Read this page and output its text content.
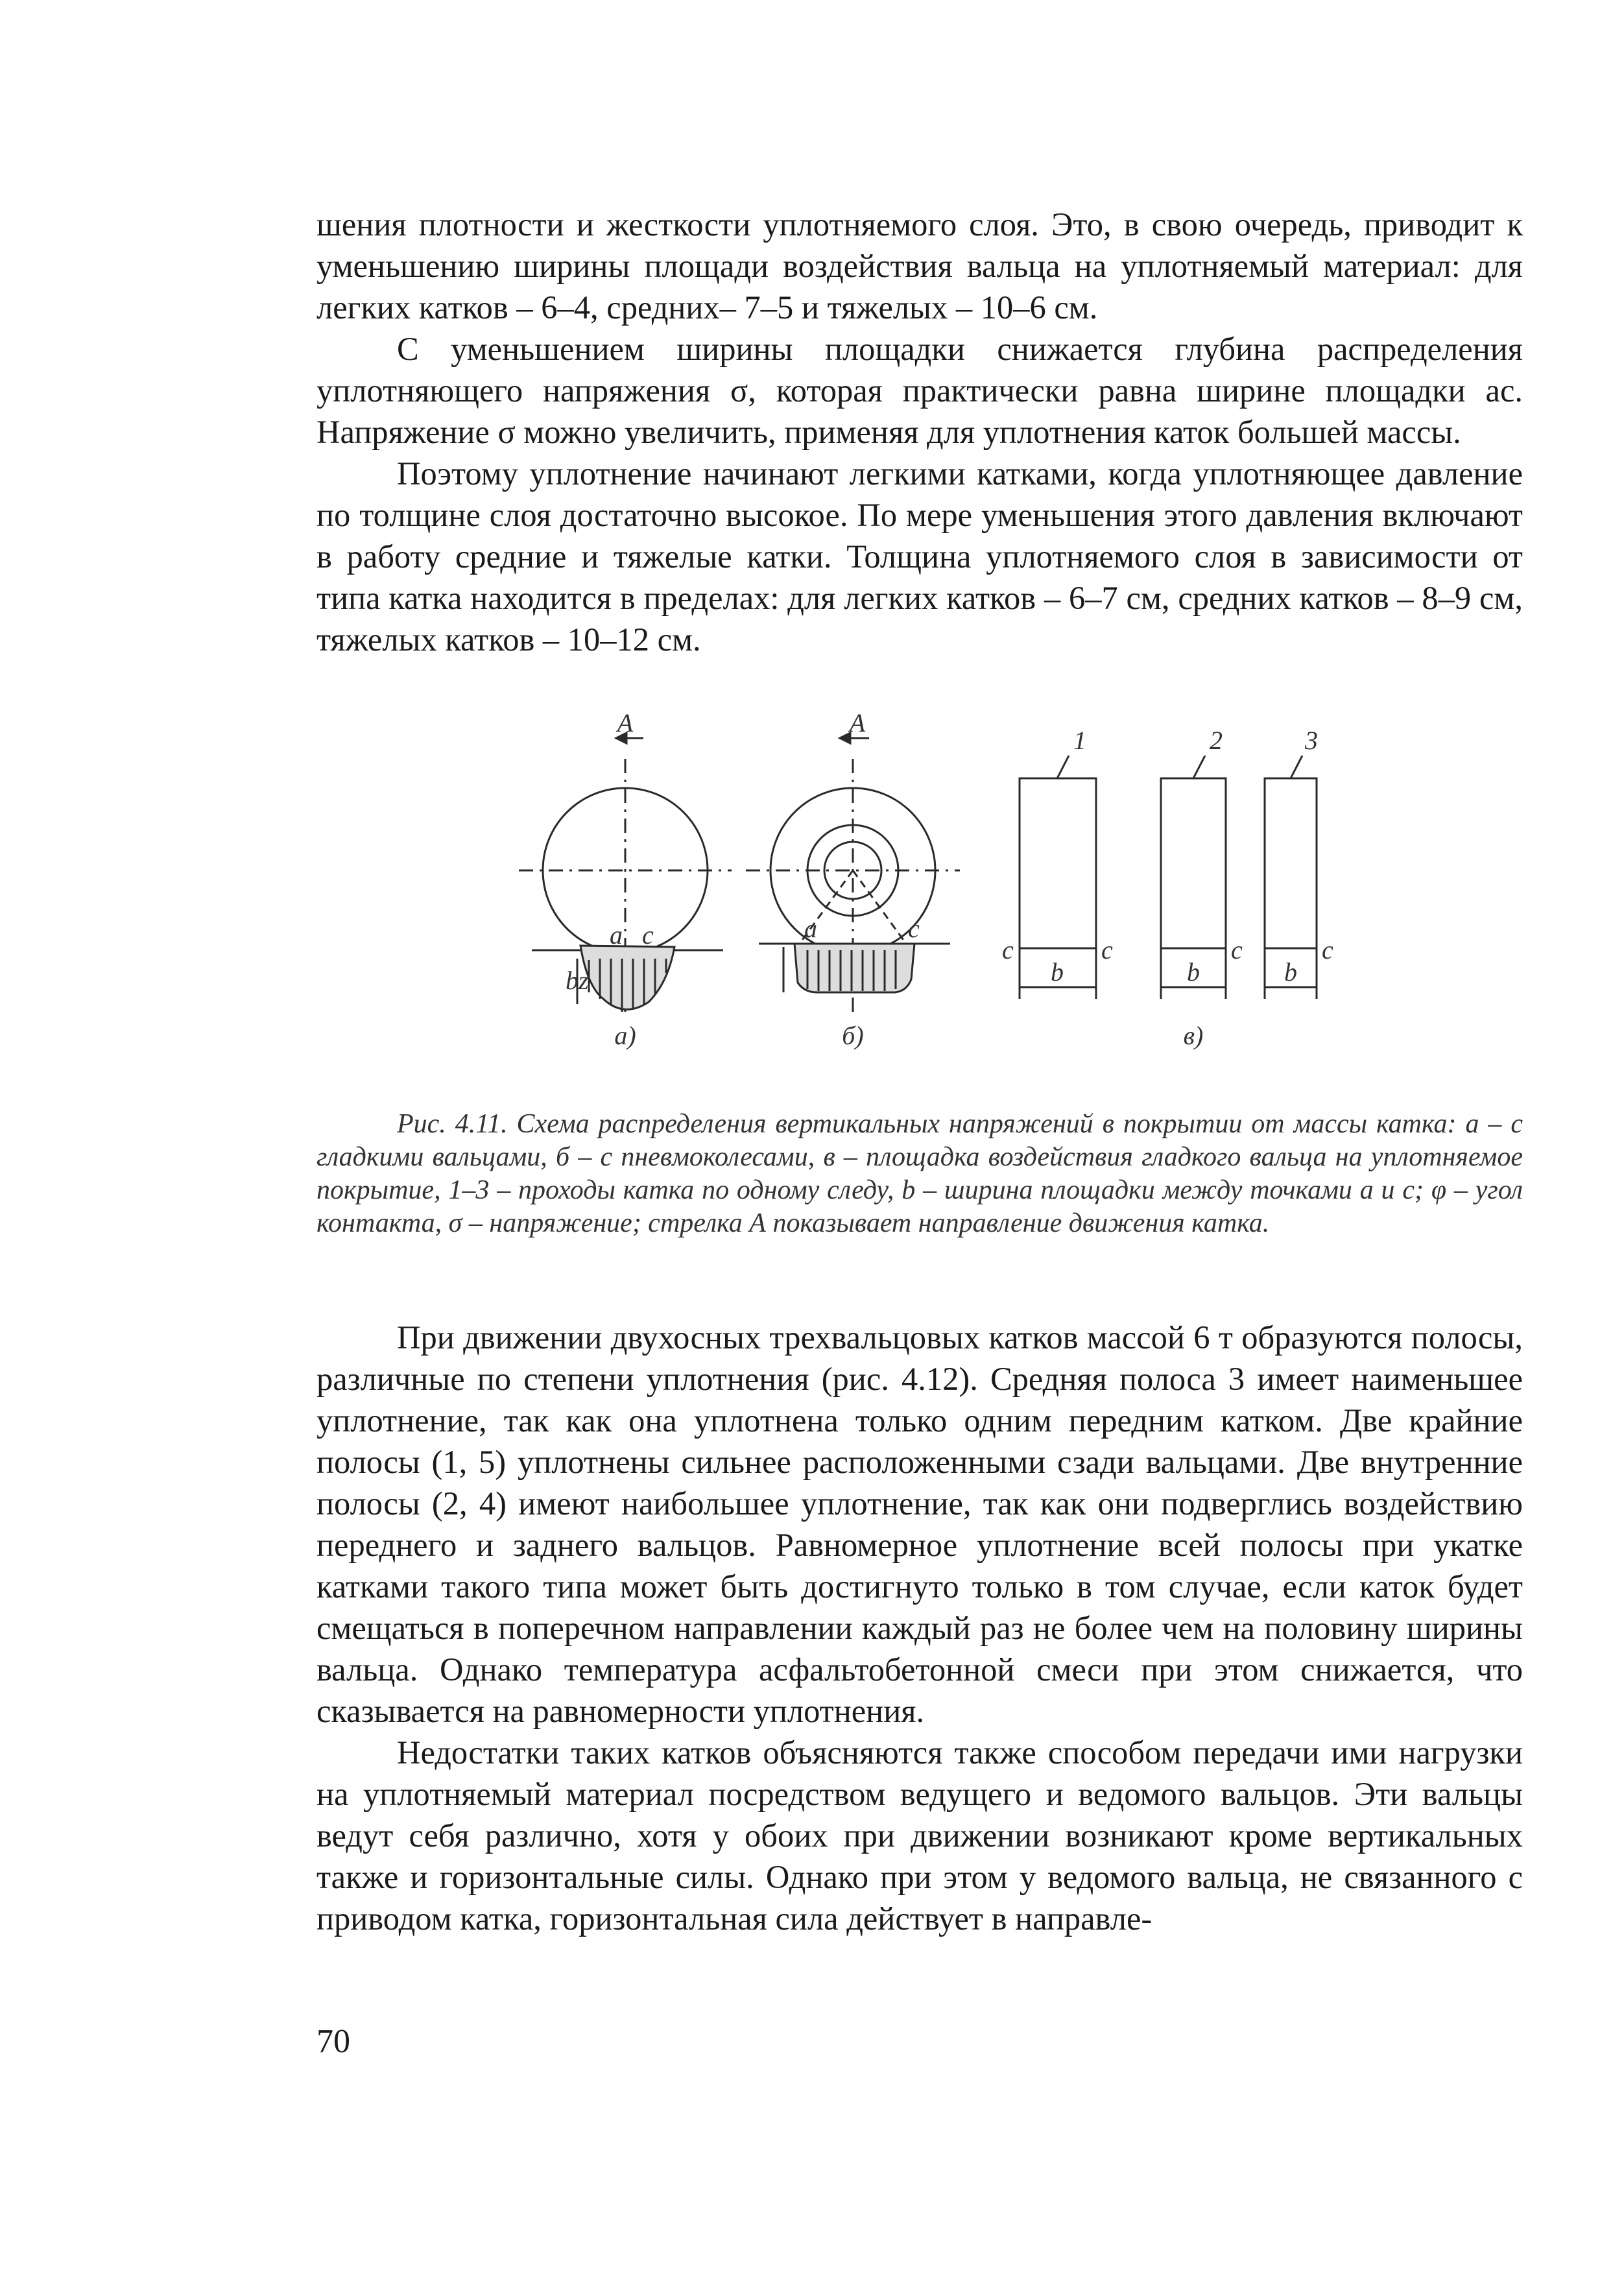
шения плотности и жесткости уплотняемого слоя. Это, в свою очередь, приводит к уменьшению ширины площади воздействия вальца на уплотняемый материал: для легких катков – 6–4, средних– 7–5 и тяжелых – 10–6 см.

С уменьшением ширины площадки снижается глубина распределения уплотняющего напряжения σ, которая практически равна ширине площадки ac. Напряжение σ можно увеличить, применяя для уплотнения каток большей массы.

Поэтому уплотнение начинают легкими катками, когда уплотняющее давление по толщине слоя достаточно высокое. По мере уменьшения этого давления включают в работу средние и тяжелые катки. Толщина уплотняемого слоя в зависимости от типа катка находится в пределах: для легких катков – 6–7 см, средних катков – 8–9 см, тяжелых катков – 10–12 см.

A	A
a c	a	c
c	c	c
c
bz	b	b	b
1	2	3
а)	б)	в)

Рис. 4.11. Схема распределения вертикальных напряжений в покрытии от массы катка: а – с гладкими вальцами, б – с пневмоколесами, в – площадка воздействия гладкого вальца на уплотняемое покрытие, 1–3 – проходы катка по одному следу, b – ширина площадки между точками a и c; φ – угол контакта, σ – напряжение; стрелка А показывает направление движения катка.

При движении двухосных трехвальцовых катков массой 6 т образуются полосы, различные по степени уплотнения (рис. 4.12). Средняя полоса 3 имеет наименьшее уплотнение, так как она уплотнена только одним передним катком. Две крайние полосы (1, 5) уплотнены сильнее расположенными сзади вальцами. Две внутренние полосы (2, 4) имеют наибольшее уплотнение, так как они подверглись воздействию переднего и заднего вальцов. Равномерное уплотнение всей полосы при укатке катками такого типа может быть достигнуто только в том случае, если каток будет смещаться в поперечном направлении каждый раз не более чем на половину ширины вальца. Однако температура асфальтобетонной смеси при этом снижается, что сказывается на равномерности уплотнения.

Недостатки таких катков объясняются также способом передачи ими нагрузки на уплотняемый материал посредством ведущего и ведомого вальцов. Эти вальцы ведут себя различно, хотя у обоих при движении возникают кроме вертикальных также и горизонтальные силы. Однако при этом у ведомого вальца, не связанного с приводом катка, горизонтальная сила действует в направле-

70
